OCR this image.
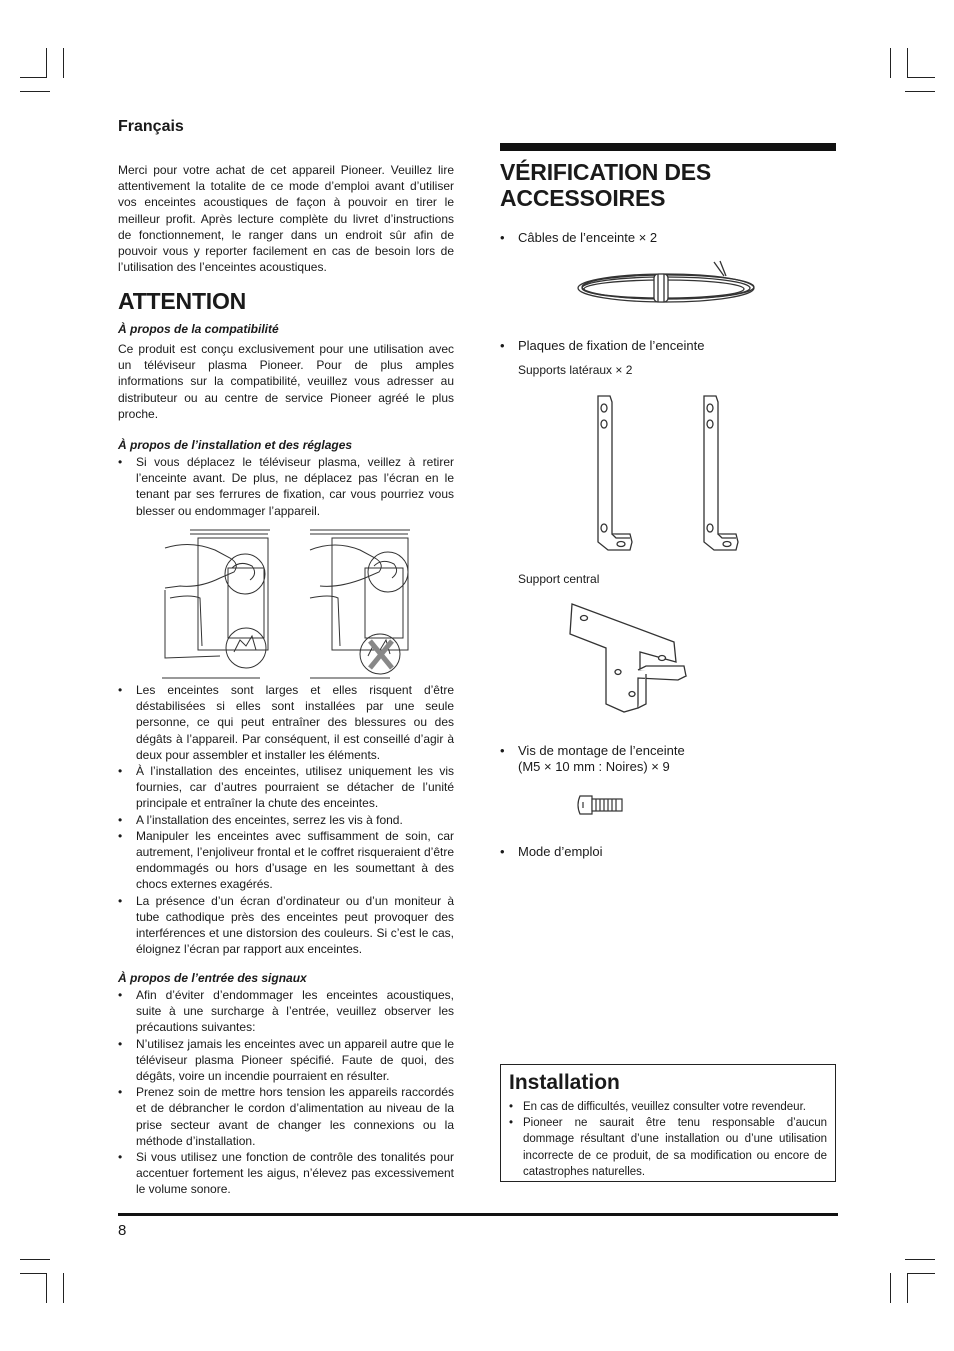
Français

Merci pour votre achat de cet appareil Pioneer. Veuillez lire attentivement la totalite de ce mode d’emploi avant d’utiliser vos enceintes acoustiques de façon à pouvoir en tirer le meilleur profit. Après lecture complète du livret d’instructions de fonctionnement, le ranger dans un endroit sûr afin de pouvoir vous y reporter facilement en cas de besoin lors de l’utilisation des l’enceintes acoustiques.

ATTENTION

À propos de la compatibilité

Ce produit est conçu exclusivement pour une utilisation avec un téléviseur plasma Pioneer. Pour de plus amples informations sur la compatibilité, veuillez vous adresser au distributeur ou au centre de service Pioneer agréé le plus proche.

À propos de l’installation et des réglages

• Si vous déplacez le téléviseur plasma, veillez à retirer l’enceinte avant. De plus, ne déplacez pas l’écran en le tenant par ses ferrures de fixation, car vous pourriez vous blesser ou endommager l’appareil.
• Les enceintes sont larges et elles risquent d’être déstabilisées si elles sont installées par une seule personne, ce qui peut entraîner des blessures ou des dégâts à l’appareil. Par conséquent, il est conseillé d’agir à deux pour assembler et installer les éléments.
• À l’installation des enceintes, utilisez uniquement les vis fournies, car d’autres pourraient se détacher de l’unité principale et entraîner la chute des enceintes.
• A l’installation des enceintes, serrez les vis à fond.
• Manipuler les enceintes avec suffisamment de soin, car autrement, l’enjoliveur frontal et le coffret risqueraient d’être endommagés ou hors d’usage en les soumettant à des chocs externes exagérés.
• La présence d’un écran d’ordinateur ou d’un moniteur à tube cathodique près des enceintes peut provoquer des interférences et une distorsion des couleurs. Si c’est le cas, éloignez l’écran par rapport aux enceintes.

À propos de l’entrée des signaux

• Afin d’éviter d’endommager les enceintes acoustiques, suite à une surcharge à l’entrée, veuillez observer les précautions suivantes:
• N’utilisez jamais les enceintes avec un appareil autre que le téléviseur plasma Pioneer spécifié. Faute de quoi, des dégâts, voire un incendie pourraient en résulter.
• Prenez soin de mettre hors tension les appareils raccordés et de débrancher le cordon d’alimentation au niveau de la prise secteur avant de changer les connexions ou la méthode d’installation.
• Si vous utilisez une fonction de contrôle des tonalités pour accentuer fortement les aigus, n’élevez pas excessivement le volume sonore.
VÉRIFICATION DES
ACCESSOIRES
• Câbles de l’enceinte × 2
• Plaques de fixation de l’enceinte
Supports latéraux × 2
Support central
• Vis de montage de l’enceinte
(M5 × 10 mm : Noires) × 9
• Mode d’emploi
Installation
• En cas de difficultés, veuillez consulter votre revendeur.
• Pioneer ne saurait être tenu responsable d’aucun dommage résultant d’une installation ou d’une utilisation incorrecte de ce produit, de sa modification ou encore de catastrophes naturelles.
8
